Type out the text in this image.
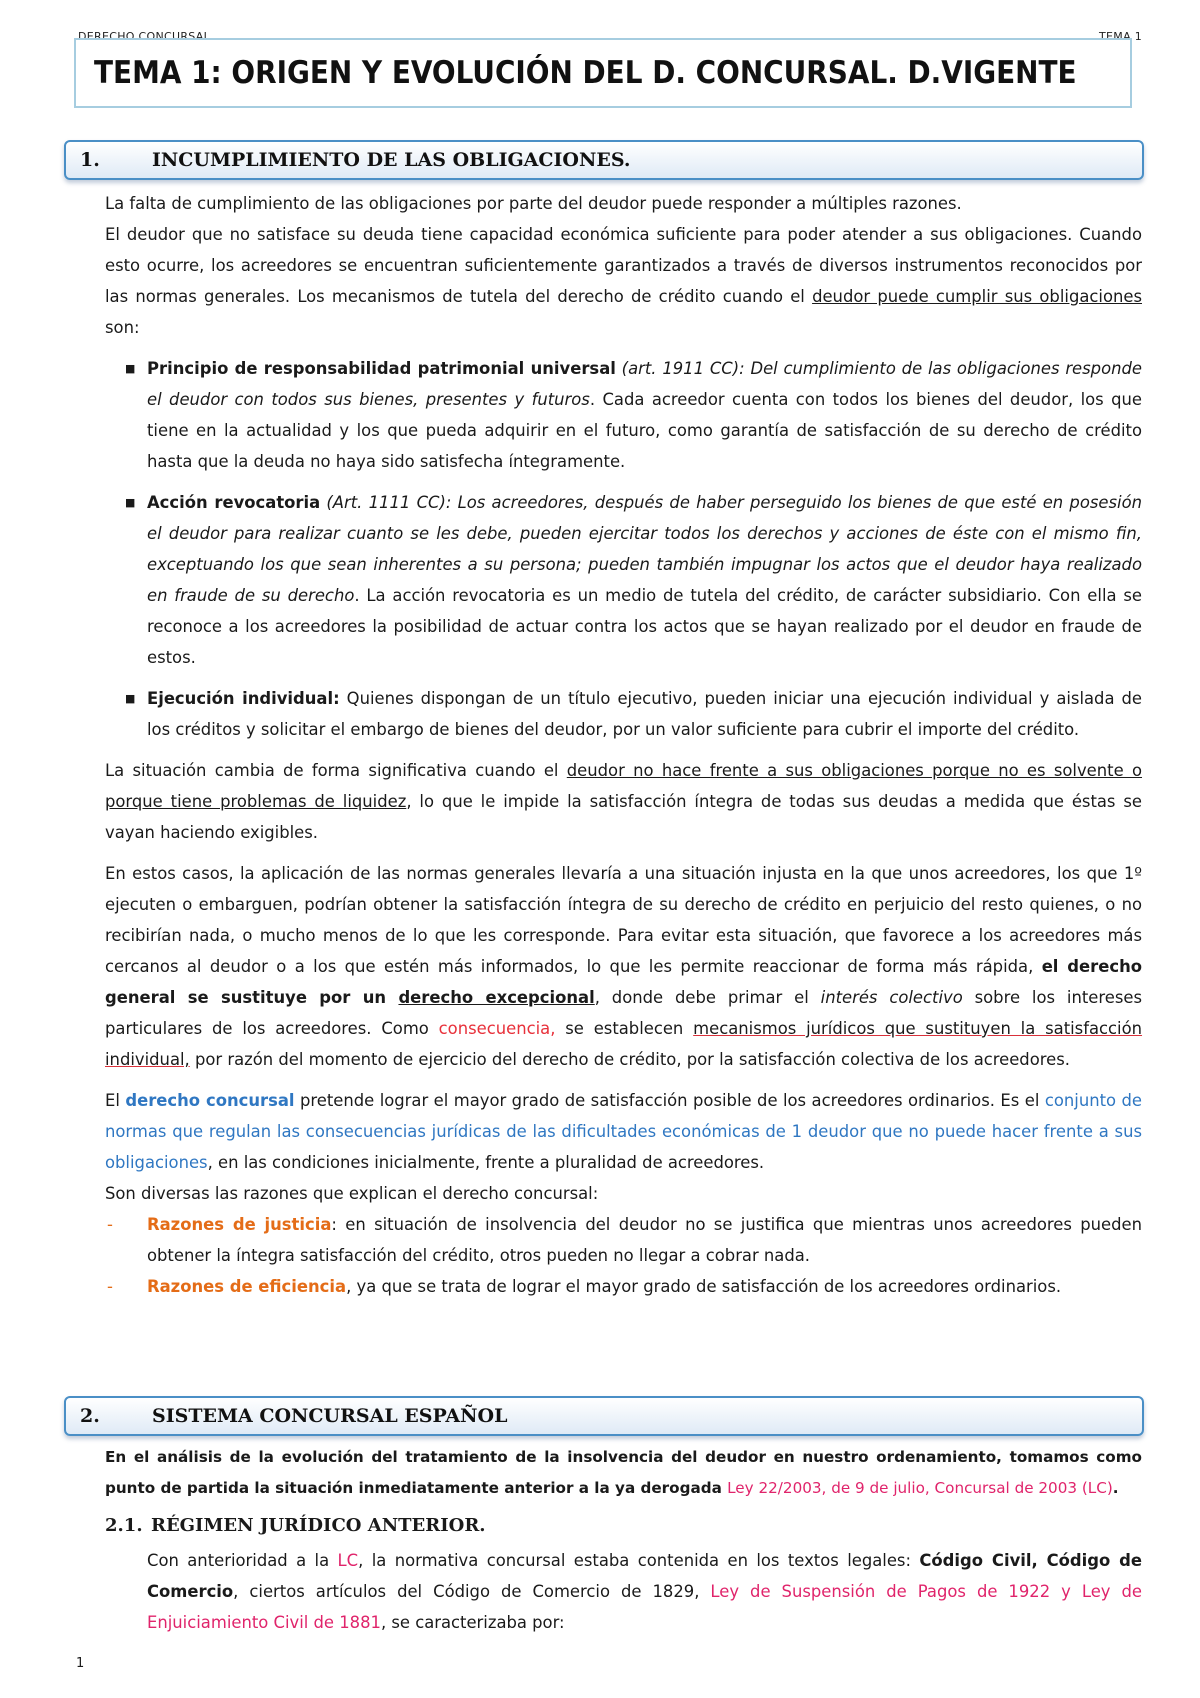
DERECHO CONCURSAL	TEMA 1
TEMA 1: ORIGEN Y EVOLUCIÓN DEL D. CONCURSAL. D.VIGENTE
1.	INCUMPLIMIENTO DE LAS OBLIGACIONES.

La falta de cumplimiento de las obligaciones por parte del deudor puede responder a múltiples razones.

El deudor que no satisface su deuda tiene capacidad económica suficiente para poder atender a sus obligaciones. Cuando esto ocurre, los acreedores se encuentran suficientemente garantizados a través de diversos instrumentos reconocidos por las normas generales. Los mecanismos de tutela del derecho de crédito cuando el deudor puede cumplir sus obligaciones son:

■ Principio de responsabilidad patrimonial universal (art. 1911 CC): Del cumplimiento de las obligaciones responde el deudor con todos sus bienes, presentes y futuros. Cada acreedor cuenta con todos los bienes del deudor, los que tiene en la actualidad y los que pueda adquirir en el futuro, como garantía de satisfacción de su derecho de crédito hasta que la deuda no haya sido satisfecha íntegramente.

■ Acción revocatoria (Art. 1111 CC): Los acreedores, después de haber perseguido los bienes de que esté en posesión el deudor para realizar cuanto se les debe, pueden ejercitar todos los derechos y acciones de éste con el mismo fin, exceptuando los que sean inherentes a su persona; pueden también impugnar los actos que el deudor haya realizado en fraude de su derecho. La acción revocatoria es un medio de tutela del crédito, de carácter subsidiario. Con ella se reconoce a los acreedores la posibilidad de actuar contra los actos que se hayan realizado por el deudor en fraude de estos.

■ Ejecución individual: Quienes dispongan de un título ejecutivo, pueden iniciar una ejecución individual y aislada de los créditos y solicitar el embargo de bienes del deudor, por un valor suficiente para cubrir el importe del crédito.

La situación cambia de forma significativa cuando el deudor no hace frente a sus obligaciones porque no es solvente o porque tiene problemas de liquidez, lo que le impide la satisfacción íntegra de todas sus deudas a medida que éstas se vayan haciendo exigibles.

En estos casos, la aplicación de las normas generales llevaría a una situación injusta en la que unos acreedores, los que 1º ejecuten o embarguen, podrían obtener la satisfacción íntegra de su derecho de crédito en perjuicio del resto quienes, o no recibirían nada, o mucho menos de lo que les corresponde. Para evitar esta situación, que favorece a los acreedores más cercanos al deudor o a los que estén más informados, lo que les permite reaccionar de forma más rápida, el derecho general se sustituye por un derecho excepcional, donde debe primar el interés colectivo sobre los intereses particulares de los acreedores. Como consecuencia, se establecen mecanismos jurídicos que sustituyen la satisfacción individual, por razón del momento de ejercicio del derecho de crédito, por la satisfacción colectiva de los acreedores.

El derecho concursal pretende lograr el mayor grado de satisfacción posible de los acreedores ordinarios. Es el conjunto de normas que regulan las consecuencias jurídicas de las dificultades económicas de 1 deudor que no puede hacer frente a sus obligaciones, en las condiciones inicialmente, frente a pluralidad de acreedores.

Son diversas las razones que explican el derecho concursal:

- Razones de justicia: en situación de insolvencia del deudor no se justifica que mientras unos acreedores pueden obtener la íntegra satisfacción del crédito, otros pueden no llegar a cobrar nada.

- Razones de eficiencia, ya que se trata de lograr el mayor grado de satisfacción de los acreedores ordinarios.

2.	SISTEMA CONCURSAL ESPAÑOL

En el análisis de la evolución del tratamiento de la insolvencia del deudor en nuestro ordenamiento, tomamos como punto de partida la situación inmediatamente anterior a la ya derogada Ley 22/2003, de 9 de julio, Concursal de 2003 (LC).

2.1. RÉGIMEN JURÍDICO ANTERIOR.

Con anterioridad a la LC, la normativa concursal estaba contenida en los textos legales: Código Civil, Código de Comercio, ciertos artículos del Código de Comercio de 1829, Ley de Suspensión de Pagos de 1922 y Ley de Enjuiciamiento Civil de 1881, se caracterizaba por:

1
